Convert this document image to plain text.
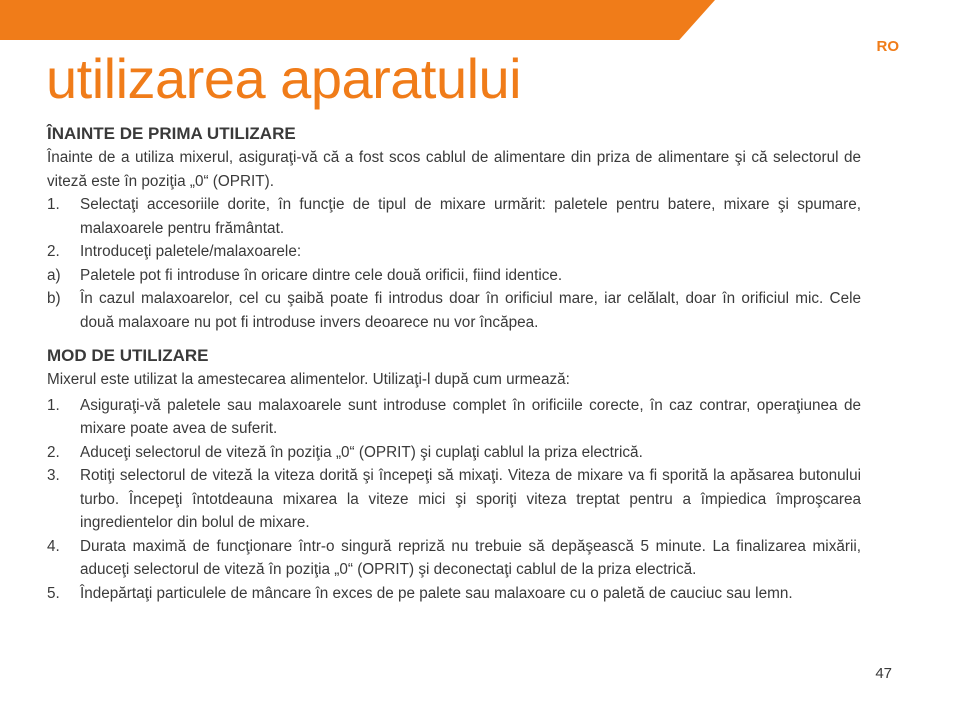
RO
utilizarea aparatului
ÎNAINTE DE PRIMA UTILIZARE

Înainte de a utiliza mixerul, asiguraţi-vă că a fost scos cablul de alimentare din priza de alimentare şi că selectorul de viteză este în poziţia „0“ (OPRIT).

1.	Selectaţi accesoriile dorite, în funcţie de tipul de mixare urmărit: paletele pentru batere, mixare şi spumare, malaxoarele pentru frământat.
2.	Introduceţi paletele/malaxoarele:
a)	Paletele pot fi introduse în oricare dintre cele două orificii, fiind identice.
b)	În cazul malaxoarelor, cel cu şaibă poate fi introdus doar în orificiul mare, iar celălalt, doar în orificiul mic. Cele două malaxoare nu pot fi introduse invers deoarece nu vor încăpea.
MOD DE UTILIZARE

Mixerul este utilizat la amestecarea alimentelor. Utilizaţi-l după cum urmează:

1.	Asiguraţi-vă paletele sau malaxoarele sunt introduse complet în orificiile corecte, în caz contrar, operaţiunea de mixare poate avea de suferit.
2.	Aduceţi selectorul de viteză în poziţia „0“ (OPRIT) şi cuplaţi cablul la priza electrică.
3.	Rotiţi selectorul de viteză la viteza dorită şi începeţi să mixaţi. Viteza de mixare va fi sporită la apăsarea butonului turbo. Începeţi întotdeauna mixarea la viteze mici şi sporiţi viteza treptat pentru a împiedica împroşcarea ingredientelor din bolul de mixare.
4.	Durata maximă de funcţionare într-o singură repriză nu trebuie să depăşească 5 minute. La finalizarea mixării, aduceţi selectorul de viteză în poziţia „0“ (OPRIT) şi deconectaţi cablul de la priza electrică.
5.	Îndepărtaţi particulele de mâncare în exces de pe palete sau malaxoare cu o paletă de cauciuc sau lemn.
47
